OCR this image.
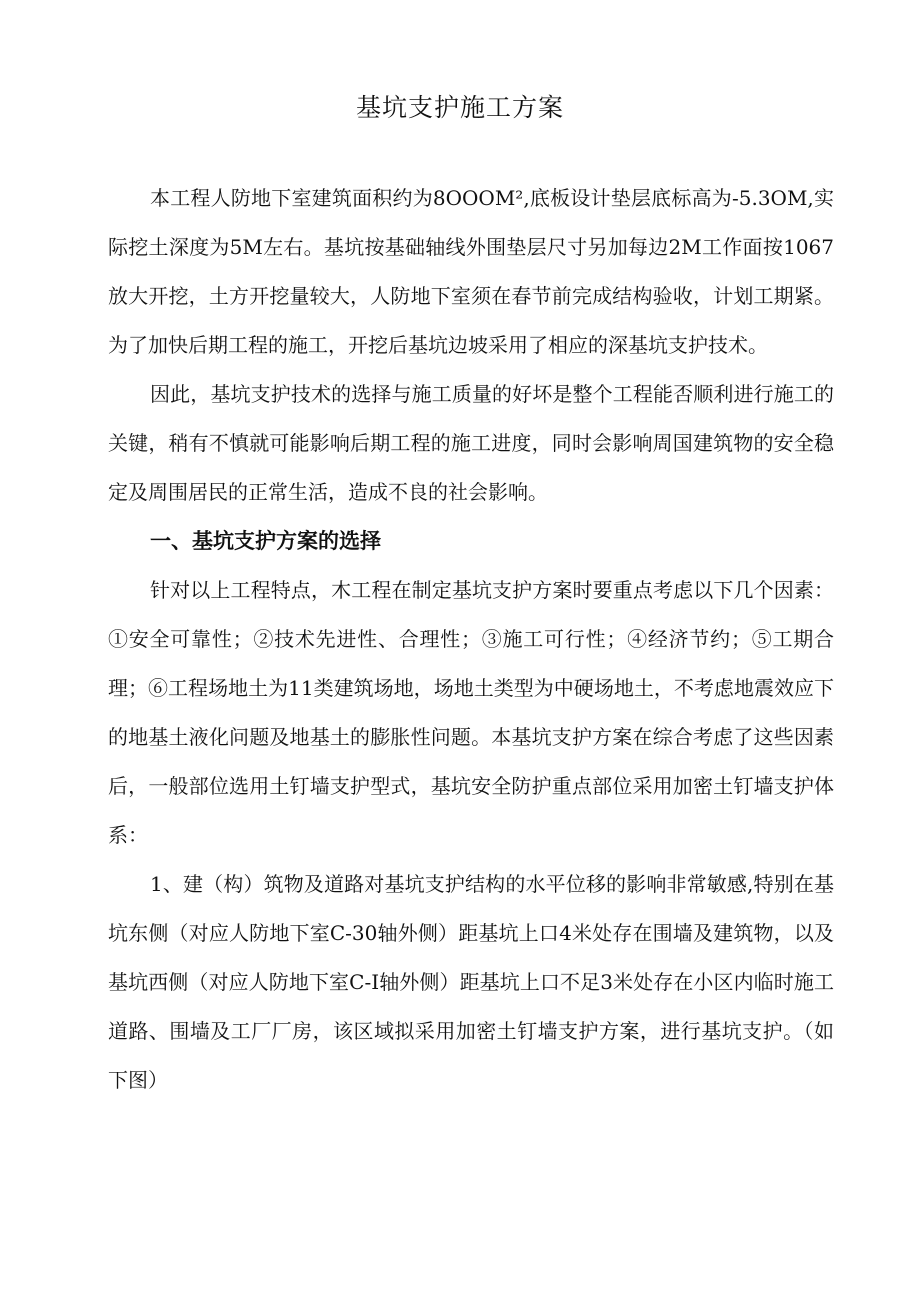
基坑支护施工方案

本工程人防地下室建筑面积约为8OOOM²,底板设计垫层底标高为-5.3OM,实际挖土深度为5M左右。基坑按基础轴线外围垫层尺寸另加每边2M工作面按1067放大开挖，土方开挖量较大，人防地下室须在春节前完成结构验收，计划工期紧。为了加快后期工程的施工，开挖后基坑边坡采用了相应的深基坑支护技术。

因此，基坑支护技术的选择与施工质量的好坏是整个工程能否顺利进行施工的关键，稍有不慎就可能影响后期工程的施工进度，同时会影响周国建筑物的安全稳定及周围居民的正常生活，造成不良的社会影响。

一、基坑支护方案的选择

针对以上工程特点，木工程在制定基坑支护方案时要重点考虑以下几个因素：①安全可靠性；②技术先进性、合理性；③施工可行性；④经济节约；⑤工期合理；⑥工程场地土为11类建筑场地，场地土类型为中硬场地土，不考虑地震效应下的地基土液化问题及地基土的膨胀性问题。本基坑支护方案在综合考虑了这些因素后，一般部位选用土钉墙支护型式，基坑安全防护重点部位采用加密土钉墙支护体系：

1、建（构）筑物及道路对基坑支护结构的水平位移的影响非常敏感,特别在基坑东侧（对应人防地下室C-30轴外侧）距基坑上口4米处存在围墙及建筑物，以及基坑西侧（对应人防地下室C-I轴外侧）距基坑上口不足3米处存在小区内临时施工道路、围墙及工厂厂房，该区域拟采用加密土钉墙支护方案，进行基坑支护。（如下图）
